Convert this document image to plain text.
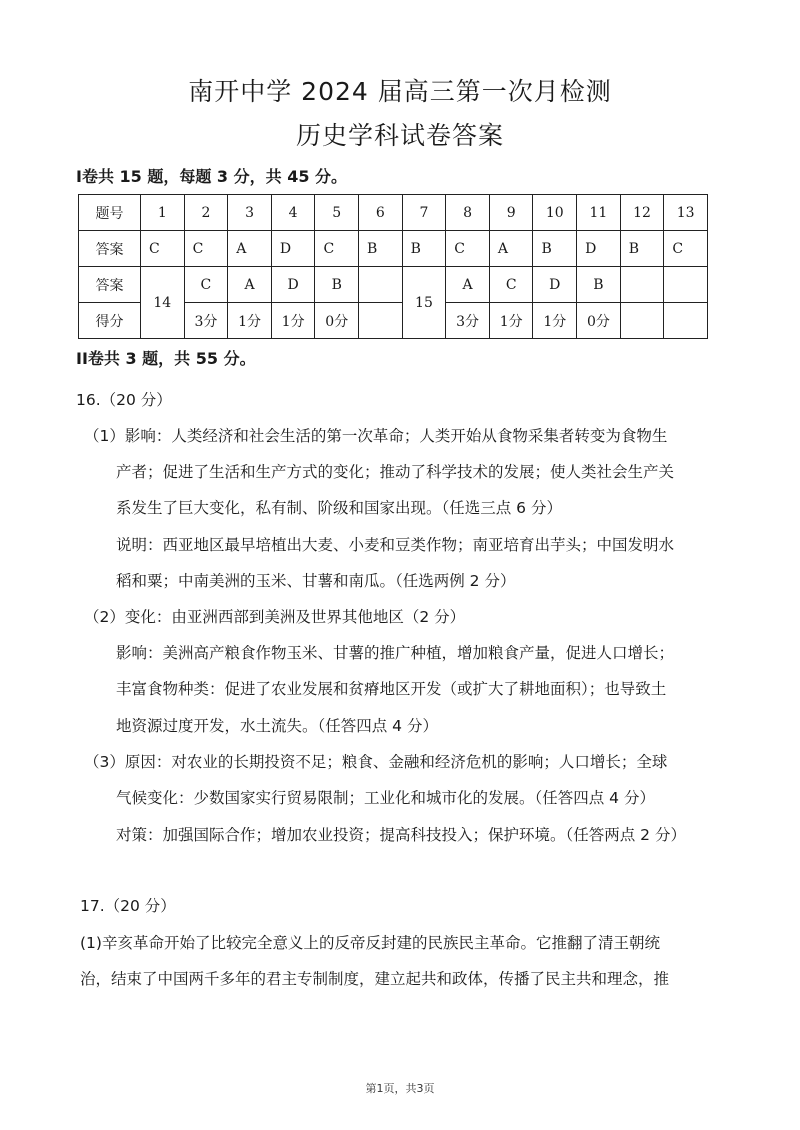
南开中学 2024 届高三第一次月检测
历史学科试卷答案
I卷共 15 题，每题 3 分，共 45 分。
题号	1	2	3	4	5	6	7	8	9	10	11	12	13
答案	C	C	A	D	C	B	B	C	A	B	D	B	C
答案	14	C	A	D	B		15	A	C	D	B		
得分		3分	1分	1分	0分			3分	1分	1分	0分		
II卷共 3 题，共 55 分。
16.（20 分）
（1）影响：人类经济和社会生活的第一次革命；人类开始从食物采集者转变为食物生
产者；促进了生活和生产方式的变化；推动了科学技术的发展；使人类社会生产关
系发生了巨大变化，私有制、阶级和国家出现。（任选三点 6 分）
说明：西亚地区最早培植出大麦、小麦和豆类作物；南亚培育出芋头；中国发明水
稻和粟；中南美洲的玉米、甘薯和南瓜。（任选两例 2 分）
（2）变化：由亚洲西部到美洲及世界其他地区（2 分）
影响：美洲高产粮食作物玉米、甘薯的推广种植，增加粮食产量，促进人口增长；
丰富食物种类：促进了农业发展和贫瘠地区开发（或扩大了耕地面积）；也导致土
地资源过度开发，水土流失。（任答四点 4 分）
（3）原因：对农业的长期投资不足；粮食、金融和经济危机的影响；人口增长；全球
气候变化：少数国家实行贸易限制；工业化和城市化的发展。（任答四点 4 分）
对策：加强国际合作；增加农业投资；提高科技投入；保护环境。（任答两点 2 分）
17.（20 分）
(1)辛亥革命开始了比较完全意义上的反帝反封建的民族民主革命。它推翻了清王朝统
治，结束了中国两千多年的君主专制制度，建立起共和政体，传播了民主共和理念，推
第1页，共3页
